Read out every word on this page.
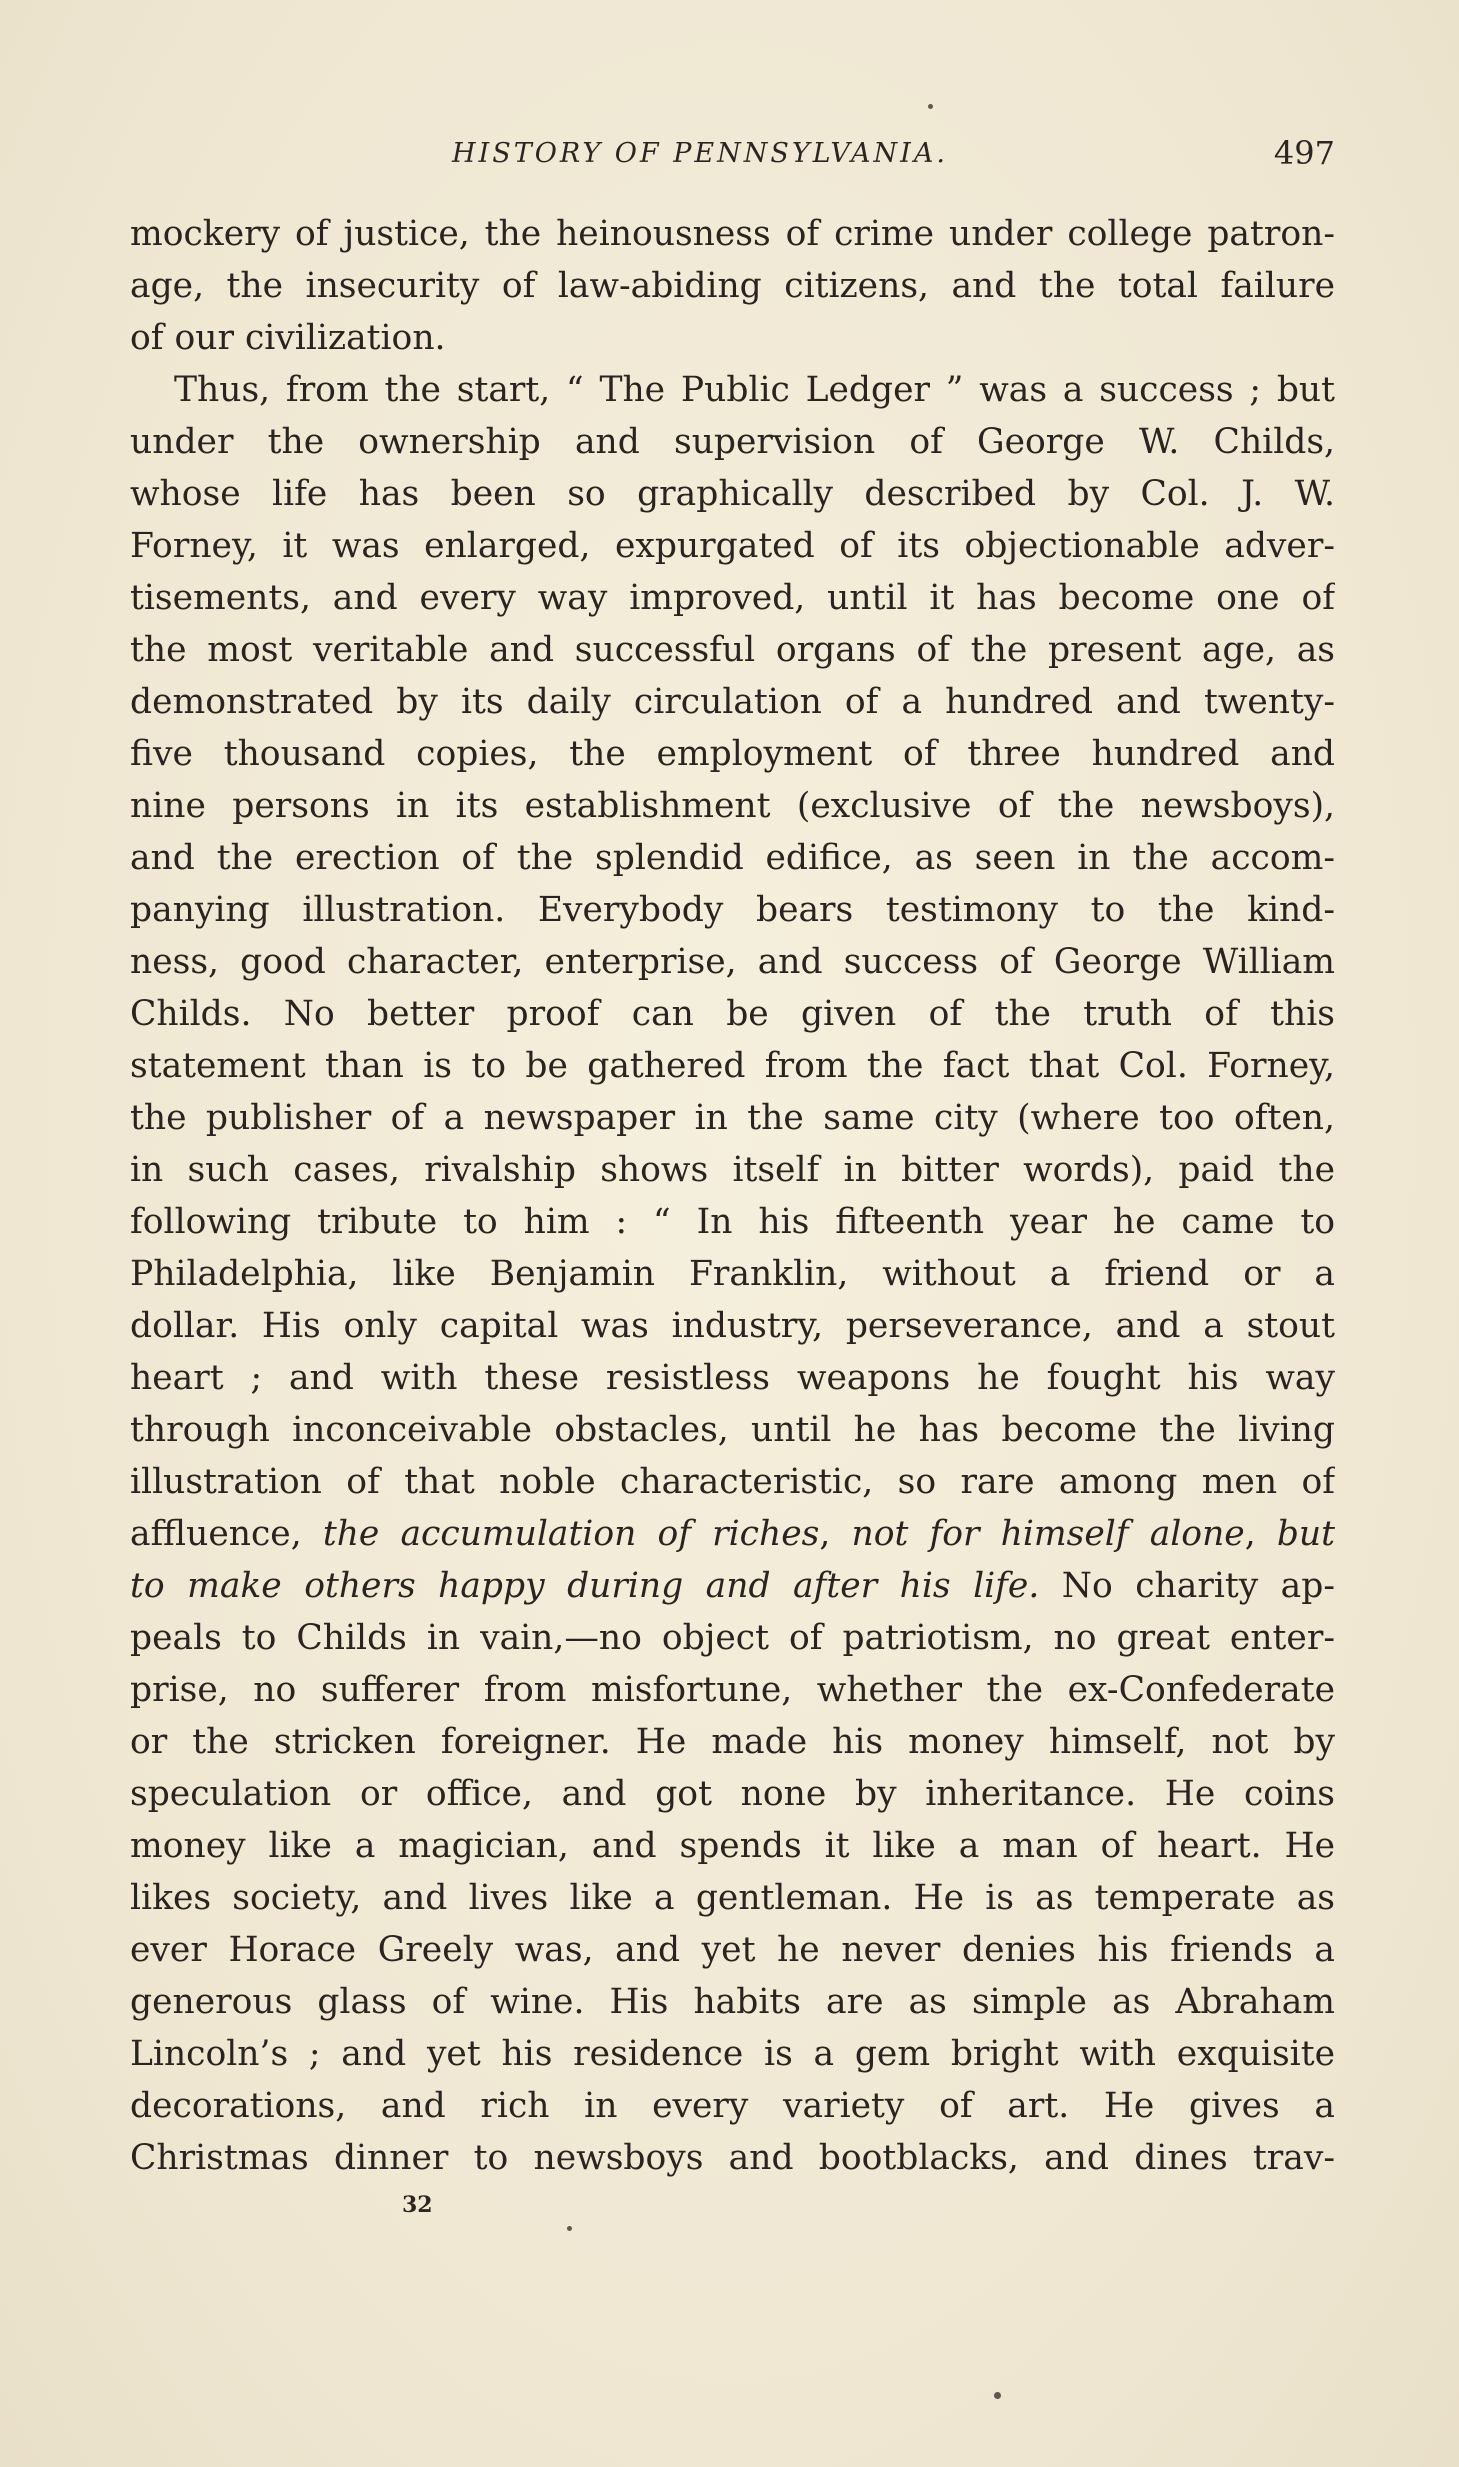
HISTORY OF PENNSYLVANIA.	497
mockery of justice, the heinousness of crime under college patron-
age, the insecurity of law-abiding citizens, and the total failure
of our civilization.
Thus, from the start, “ The Public Ledger ” was a success ; but
under the ownership and supervision of George W. Childs,
whose life has been so graphically described by Col. J. W.
Forney, it was enlarged, expurgated of its objectionable adver-
tisements, and every way improved, until it has become one of
the most veritable and successful organs of the present age, as
demonstrated by its daily circulation of a hundred and twenty-
five thousand copies, the employment of three hundred and
nine persons in its establishment (exclusive of the newsboys),
and the erection of the splendid edifice, as seen in the accom-
panying illustration. Everybody bears testimony to the kind-
ness, good character, enterprise, and success of George William
Childs. No better proof can be given of the truth of this
statement than is to be gathered from the fact that Col. Forney,
the publisher of a newspaper in the same city (where too often,
in such cases, rivalship shows itself in bitter words), paid the
following tribute to him : “ In his fifteenth year he came to
Philadelphia, like Benjamin Franklin, without a friend or a
dollar. His only capital was industry, perseverance, and a stout
heart ; and with these resistless weapons he fought his way
through inconceivable obstacles, until he has become the living
illustration of that noble characteristic, so rare among men of
affluence, the accumulation of riches, not for himself alone, but
to make others happy during and after his life. No charity ap-
peals to Childs in vain,—no object of patriotism, no great enter-
prise, no sufferer from misfortune, whether the ex-Confederate
or the stricken foreigner. He made his money himself, not by
speculation or office, and got none by inheritance. He coins
money like a magician, and spends it like a man of heart. He
likes society, and lives like a gentleman. He is as temperate as
ever Horace Greely was, and yet he never denies his friends a
generous glass of wine. His habits are as simple as Abraham
Lincoln’s ; and yet his residence is a gem bright with exquisite
decorations, and rich in every variety of art. He gives a
Christmas dinner to newsboys and bootblacks, and dines trav-
32
